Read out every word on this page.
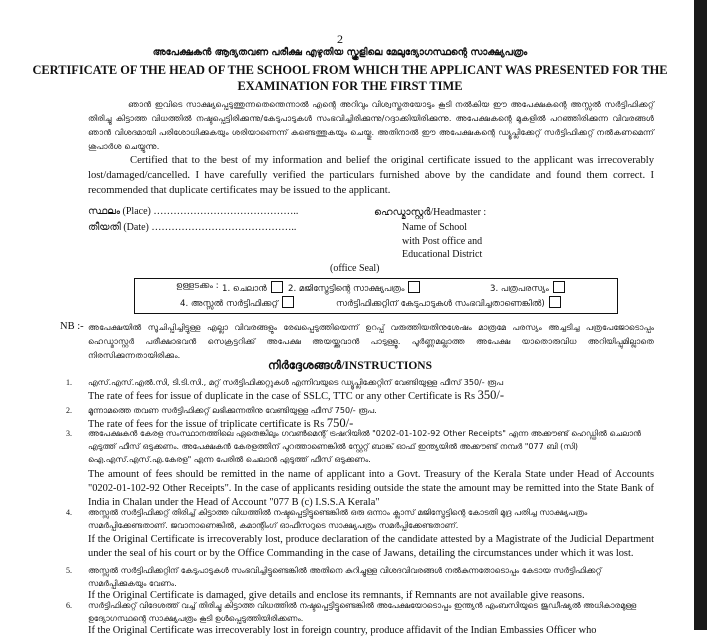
2

അപേക്ഷകൻ ആദ്യതവണ പരീക്ഷ എഴുതിയ സ്കൂളിലെ മേലുദ്യോഗസ്ഥന്റെ സാക്ഷ്യപത്രം

CERTIFICATE OF THE HEAD OF THE SCHOOL FROM WHICH THE APPLICANT WAS PRESENTED FOR THE EXAMINATION FOR THE FIRST TIME

ഞാൻ ഇവിടെ സാക്ഷ്യപ്പെടുത്തുന്നതെന്തെന്നാൽ എന്റെ അറിവും വിശ്വസ്തതയോടും കൂടി നൽകിയ ഈ അപേക്ഷകന്റെ അസ്സൽ സർട്ടിഫിക്കറ്റ് തിരിച്ചു കിട്ടാത്ത വിധത്തിൽ നഷ്ടപ്പെട്ടിരിക്കുന്നു/കേടുപാടുകൾ സംഭവിച്ചിരിക്കുന്നു/റദ്ദാക്കിയിരിക്കുന്നു. അപേക്ഷകന്റെ മുകളിൽ പറഞ്ഞിരിക്കുന്ന വിവരങ്ങൾ ഞാൻ വിശദമായി പരിശോധിക്കുകയും ശരിയാണെന്ന് കണ്ടെത്തുകയും ചെയ്തു. അതിനാൽ ഈ അപേക്ഷകന്റെ ഡ്യൂപ്ലിക്കേറ്റ് സർട്ടിഫിക്കറ്റ് നൽകണമെന്ന് ശുപാർശ ചെയ്യുന്നു.

Certified that to the best of my information and belief the original certificate issued to the applicant was irrecoverably lost/damaged/cancelled. I have carefully verified the particulars furnished above by the candidate and found them correct. I recommended that duplicate certificates may be issued to the applicant.

സ്ഥലം (Place) ……………………………………..

തീയതി (Date) ……………………………………..

ഹെഡ്മാസ്റ്റർ/Headmaster :

Name of School

with Post office and

Educational District

(office Seal)

ഉള്ളടക്കം : 1. ചെലാൻ	2. മജിസ്ട്രേട്ടിന്റെ സാക്ഷ്യപത്രം	3. പത്രപരസ്യം

4. അസ്സൽ സർട്ടിഫിക്കറ്റ്	സർട്ടിഫിക്കറ്റിന് കേടുപാടുകൾ സംഭവിച്ചതാണെങ്കിൽ)

NB :- അപേക്ഷയിൽ സൂചിപ്പിച്ചിട്ടുള്ള എല്ലാ വിവരങ്ങളും രേഖപ്പെടുത്തിയെന്ന് ഉറപ്പ് വരുത്തിയതിനുശേഷം മാത്രമേ പരസ്യം അച്ചടിച്ച പത്രപേജോടൊപ്പം ഹെഡ്മാസ്റ്റർ പരീക്ഷാഭവൻ സെക്രട്ടറിക്ക് അപേക്ഷ അയയ്ക്കുവാൻ പാടുള്ളൂ. പൂർണ്ണമല്ലാത്ത അപേക്ഷ യാതൊരുവിധ അറിയിപ്പുമില്ലാതെ നിരസിക്കുന്നതായിരിക്കും.

നിർദ്ദേശങ്ങൾ/INSTRUCTIONS

1. എസ്.എസ്.എൽ.സി, ടി.ടി.സി., മറ്റ് സർട്ടിഫിക്കറ്റുകൾ എന്നിവയുടെ ഡ്യൂപ്ലിക്കേറ്റിന് വേണ്ടിയുള്ള ഫീസ് 350/- രൂപ

The rate of fees for issue of duplicate in the case of SSLC, TTC or any other Certificate is Rs 350/-

2. മൂന്നാമത്തെ തവണ സർട്ടിഫിക്കറ്റ് ലഭിക്കുന്നതിനു വേണ്ടിയുള്ള ഫീസ് 750/- രൂപ.

The rate of fees for the issue of triplicate certificate is Rs 750/-

3. അപേക്ഷകൻ കേരള സംസ്ഥാനത്തിലെ ഏതെങ്കിലും ഗവൺമെന്റ് ട്രഷറിയിൽ "0202-01-102-92 Other Receipts" എന്ന അക്കൗണ്ട് ഹെഡ്ഡിൽ ചെലാൻ എടുത്ത് ഫീസ് ഒടുക്കണം. അപേക്ഷകൻ കേരളത്തിന് പുറത്താണെങ്കിൽ സ്റ്റേറ്റ് ബാങ്ക് ഓഫ് ഇന്ത്യയിൽ അക്കൗണ്ട് നമ്പർ "077 ബി (സി) ഐ.എസ്.എസ്.എ.കേരള" എന്ന പേരിൽ ചെലാൻ എടുത്ത് ഫീസ് ഒടുക്കണം.

The amount of fees should be remitted in the name of applicant into a Govt. Treasury of the Kerala State under Head of Accounts "0202-01-102-92 Other Receipts". In the case of applicants residing outside the state the amount may be remitted into the State Bank of India in Chalan under the Head of Account "077 B (c) I.S.S.A Kerala"

4. അസ്സൽ സർട്ടിഫിക്കറ്റ് തിരിച്ച് കിട്ടാത്ത വിധത്തിൽ നഷ്ടപ്പെട്ടിട്ടുണ്ടെങ്കിൽ ഒരു ഒന്നാം ക്ലാസ് മജിസ്ട്രേട്ടിന്റെ കോടതി മുദ്ര പതിച്ച സാക്ഷ്യപത്രം സമർപ്പിക്കേണ്ടതാണ്. ജവാനാണെങ്കിൽ, കമാന്റിംഗ് ഓഫീസറുടെ സാക്ഷ്യപത്രം സമർപ്പിക്കേണ്ടതാണ്.

If the Original Certificate is irrecoverably lost, produce declaration of the candidate attested by a Magistrate of the Judicial Department under the seal of his court or by the Office Commanding in the case of Jawans, detailing the circumstances under which it was lost.

5. അസ്സൽ സർട്ടിഫിക്കറ്റിന് കേടുപാടുകൾ സംഭവിച്ചിട്ടുണ്ടെങ്കിൽ അതിനെ കുറിച്ചുള്ള വിശദവിവരങ്ങൾ നൽകുന്നതോടൊപ്പം കേടായ സർട്ടിഫിക്കറ്റ് സമർപ്പിക്കുകയും വേണം.

If the Original Certificate is damaged, give details and enclose its remnants, if Remnants are not available give reasons.

6. സർട്ടിഫിക്കറ്റ് വിദേശത്ത് വച്ച് തിരിച്ചു കിട്ടാത്ത വിധത്തിൽ നഷ്ടപ്പെട്ടിട്ടുണ്ടെങ്കിൽ അപേക്ഷയോടൊപ്പം ഇന്ത്യൻ എംബസിയുടെ ജുഡീഷ്യൽ അധികാരമുള്ള ഉദ്യോഗസ്ഥന്റെ സാക്ഷ്യപത്രം കൂടി ഉൾപ്പെടുത്തിയിരിക്കണം.

If the Original Certificate was irrecoverably lost in foreign country, produce affidavit of the Indian Embassies Officer who
